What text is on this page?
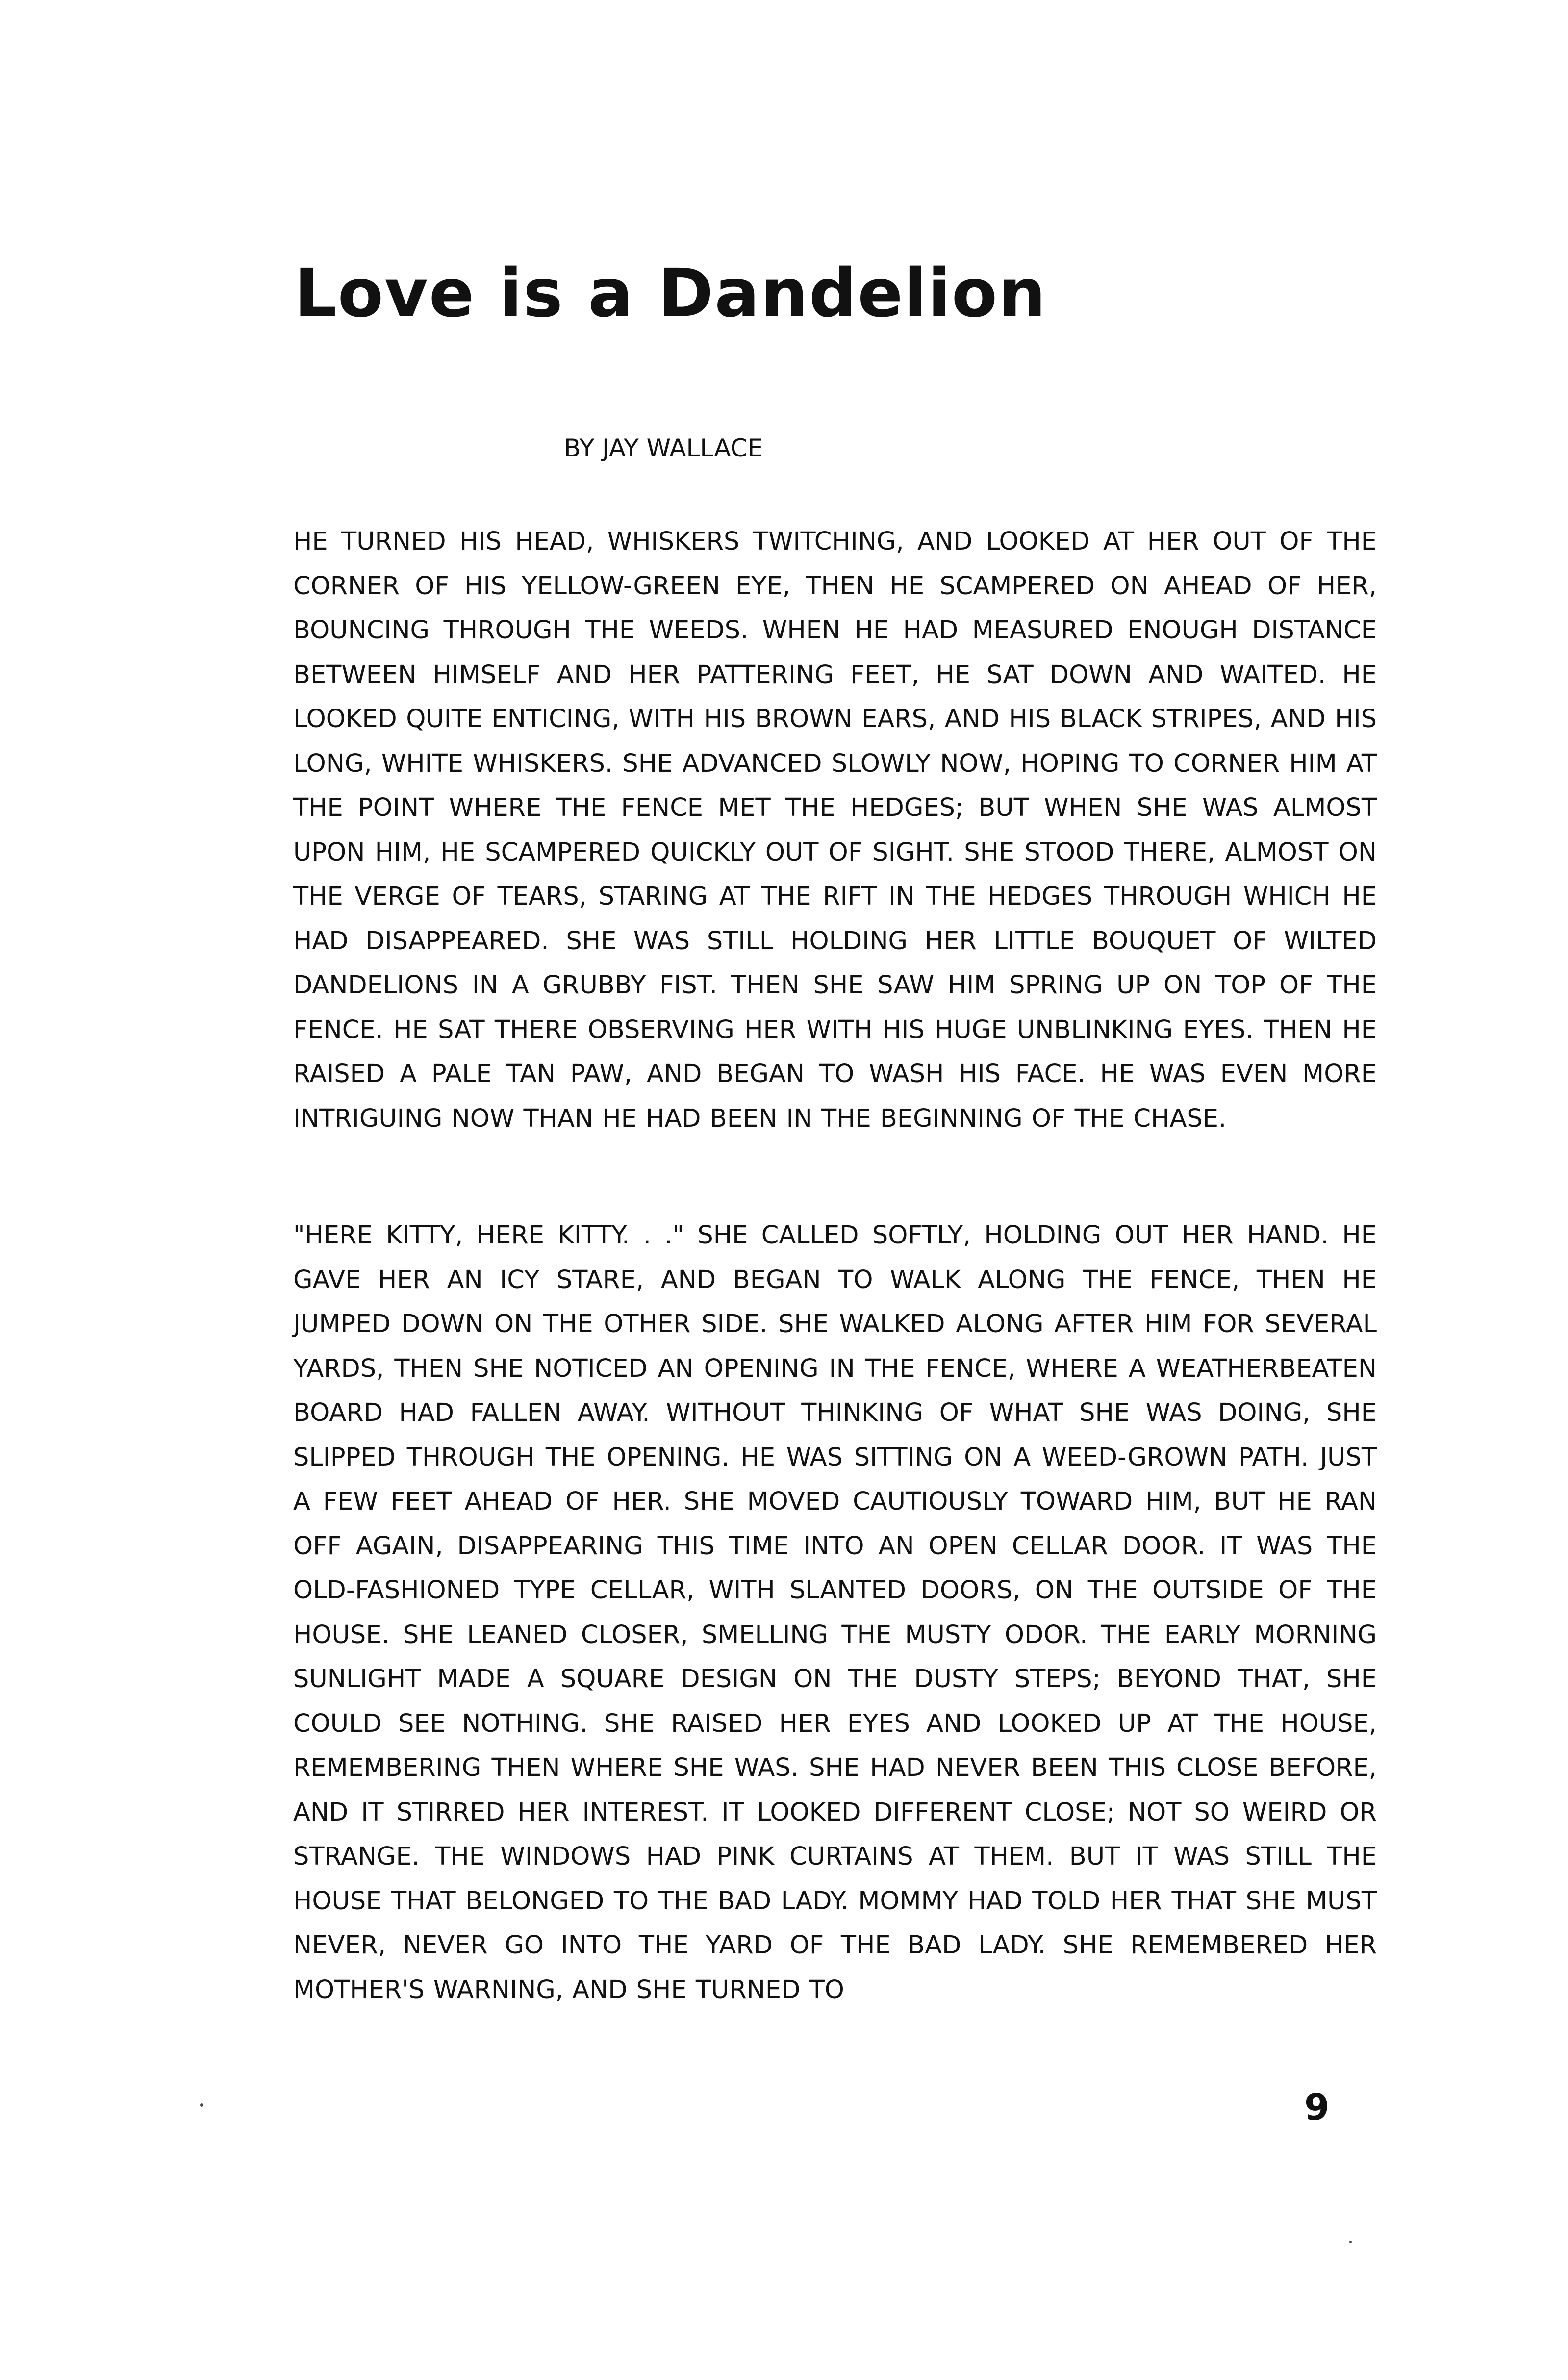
Love is a Dandelion

BY JAY WALLACE

HE TURNED HIS HEAD, WHISKERS TWITCHING, AND LOOKED AT HER OUT OF THE CORNER OF HIS YELLOW-GREEN EYE, THEN HE SCAMPERED ON AHEAD OF HER, BOUNCING THROUGH THE WEEDS. WHEN HE HAD MEASURED ENOUGH DISTANCE BETWEEN HIMSELF AND HER PATTERING FEET, HE SAT DOWN AND WAITED. HE LOOKED QUITE ENTICING, WITH HIS BROWN EARS, AND HIS BLACK STRIPES, AND HIS LONG, WHITE WHISKERS. SHE ADVANCED SLOWLY NOW, HOPING TO CORNER HIM AT THE POINT WHERE THE FENCE MET THE HEDGES; BUT WHEN SHE WAS ALMOST UPON HIM, HE SCAMPERED QUICKLY OUT OF SIGHT. SHE STOOD THERE, ALMOST ON THE VERGE OF TEARS, STARING AT THE RIFT IN THE HEDGES THROUGH WHICH HE HAD DISAPPEARED. SHE WAS STILL HOLDING HER LITTLE BOUQUET OF WILTED DANDELIONS IN A GRUBBY FIST. THEN SHE SAW HIM SPRING UP ON TOP OF THE FENCE. HE SAT THERE OBSERVING HER WITH HIS HUGE UNBLINKING EYES. THEN HE RAISED A PALE TAN PAW, AND BEGAN TO WASH HIS FACE. HE WAS EVEN MORE INTRIGUING NOW THAN HE HAD BEEN IN THE BEGINNING OF THE CHASE.

"HERE KITTY, HERE KITTY. . ." SHE CALLED SOFTLY, HOLDING OUT HER HAND. HE GAVE HER AN ICY STARE, AND BEGAN TO WALK ALONG THE FENCE, THEN HE JUMPED DOWN ON THE OTHER SIDE. SHE WALKED ALONG AFTER HIM FOR SEVERAL YARDS, THEN SHE NOTICED AN OPENING IN THE FENCE, WHERE A WEATHERBEATEN BOARD HAD FALLEN AWAY. WITHOUT THINKING OF WHAT SHE WAS DOING, SHE SLIPPED THROUGH THE OPENING. HE WAS SITTING ON A WEED-GROWN PATH. JUST A FEW FEET AHEAD OF HER. SHE MOVED CAUTIOUSLY TOWARD HIM, BUT HE RAN OFF AGAIN, DISAPPEARING THIS TIME INTO AN OPEN CELLAR DOOR. IT WAS THE OLD-FASHIONED TYPE CELLAR, WITH SLANTED DOORS, ON THE OUTSIDE OF THE HOUSE. SHE LEANED CLOSER, SMELLING THE MUSTY ODOR. THE EARLY MORNING SUNLIGHT MADE A SQUARE DESIGN ON THE DUSTY STEPS; BEYOND THAT, SHE COULD SEE NOTHING. SHE RAISED HER EYES AND LOOKED UP AT THE HOUSE, REMEMBERING THEN WHERE SHE WAS. SHE HAD NEVER BEEN THIS CLOSE BEFORE, AND IT STIRRED HER INTEREST. IT LOOKED DIFFERENT CLOSE; NOT SO WEIRD OR STRANGE. THE WINDOWS HAD PINK CURTAINS AT THEM. BUT IT WAS STILL THE HOUSE THAT BELONGED TO THE BAD LADY. MOMMY HAD TOLD HER THAT SHE MUST NEVER, NEVER GO INTO THE YARD OF THE BAD LADY. SHE REMEMBERED HER MOTHER'S WARNING, AND SHE TURNED TO

9
